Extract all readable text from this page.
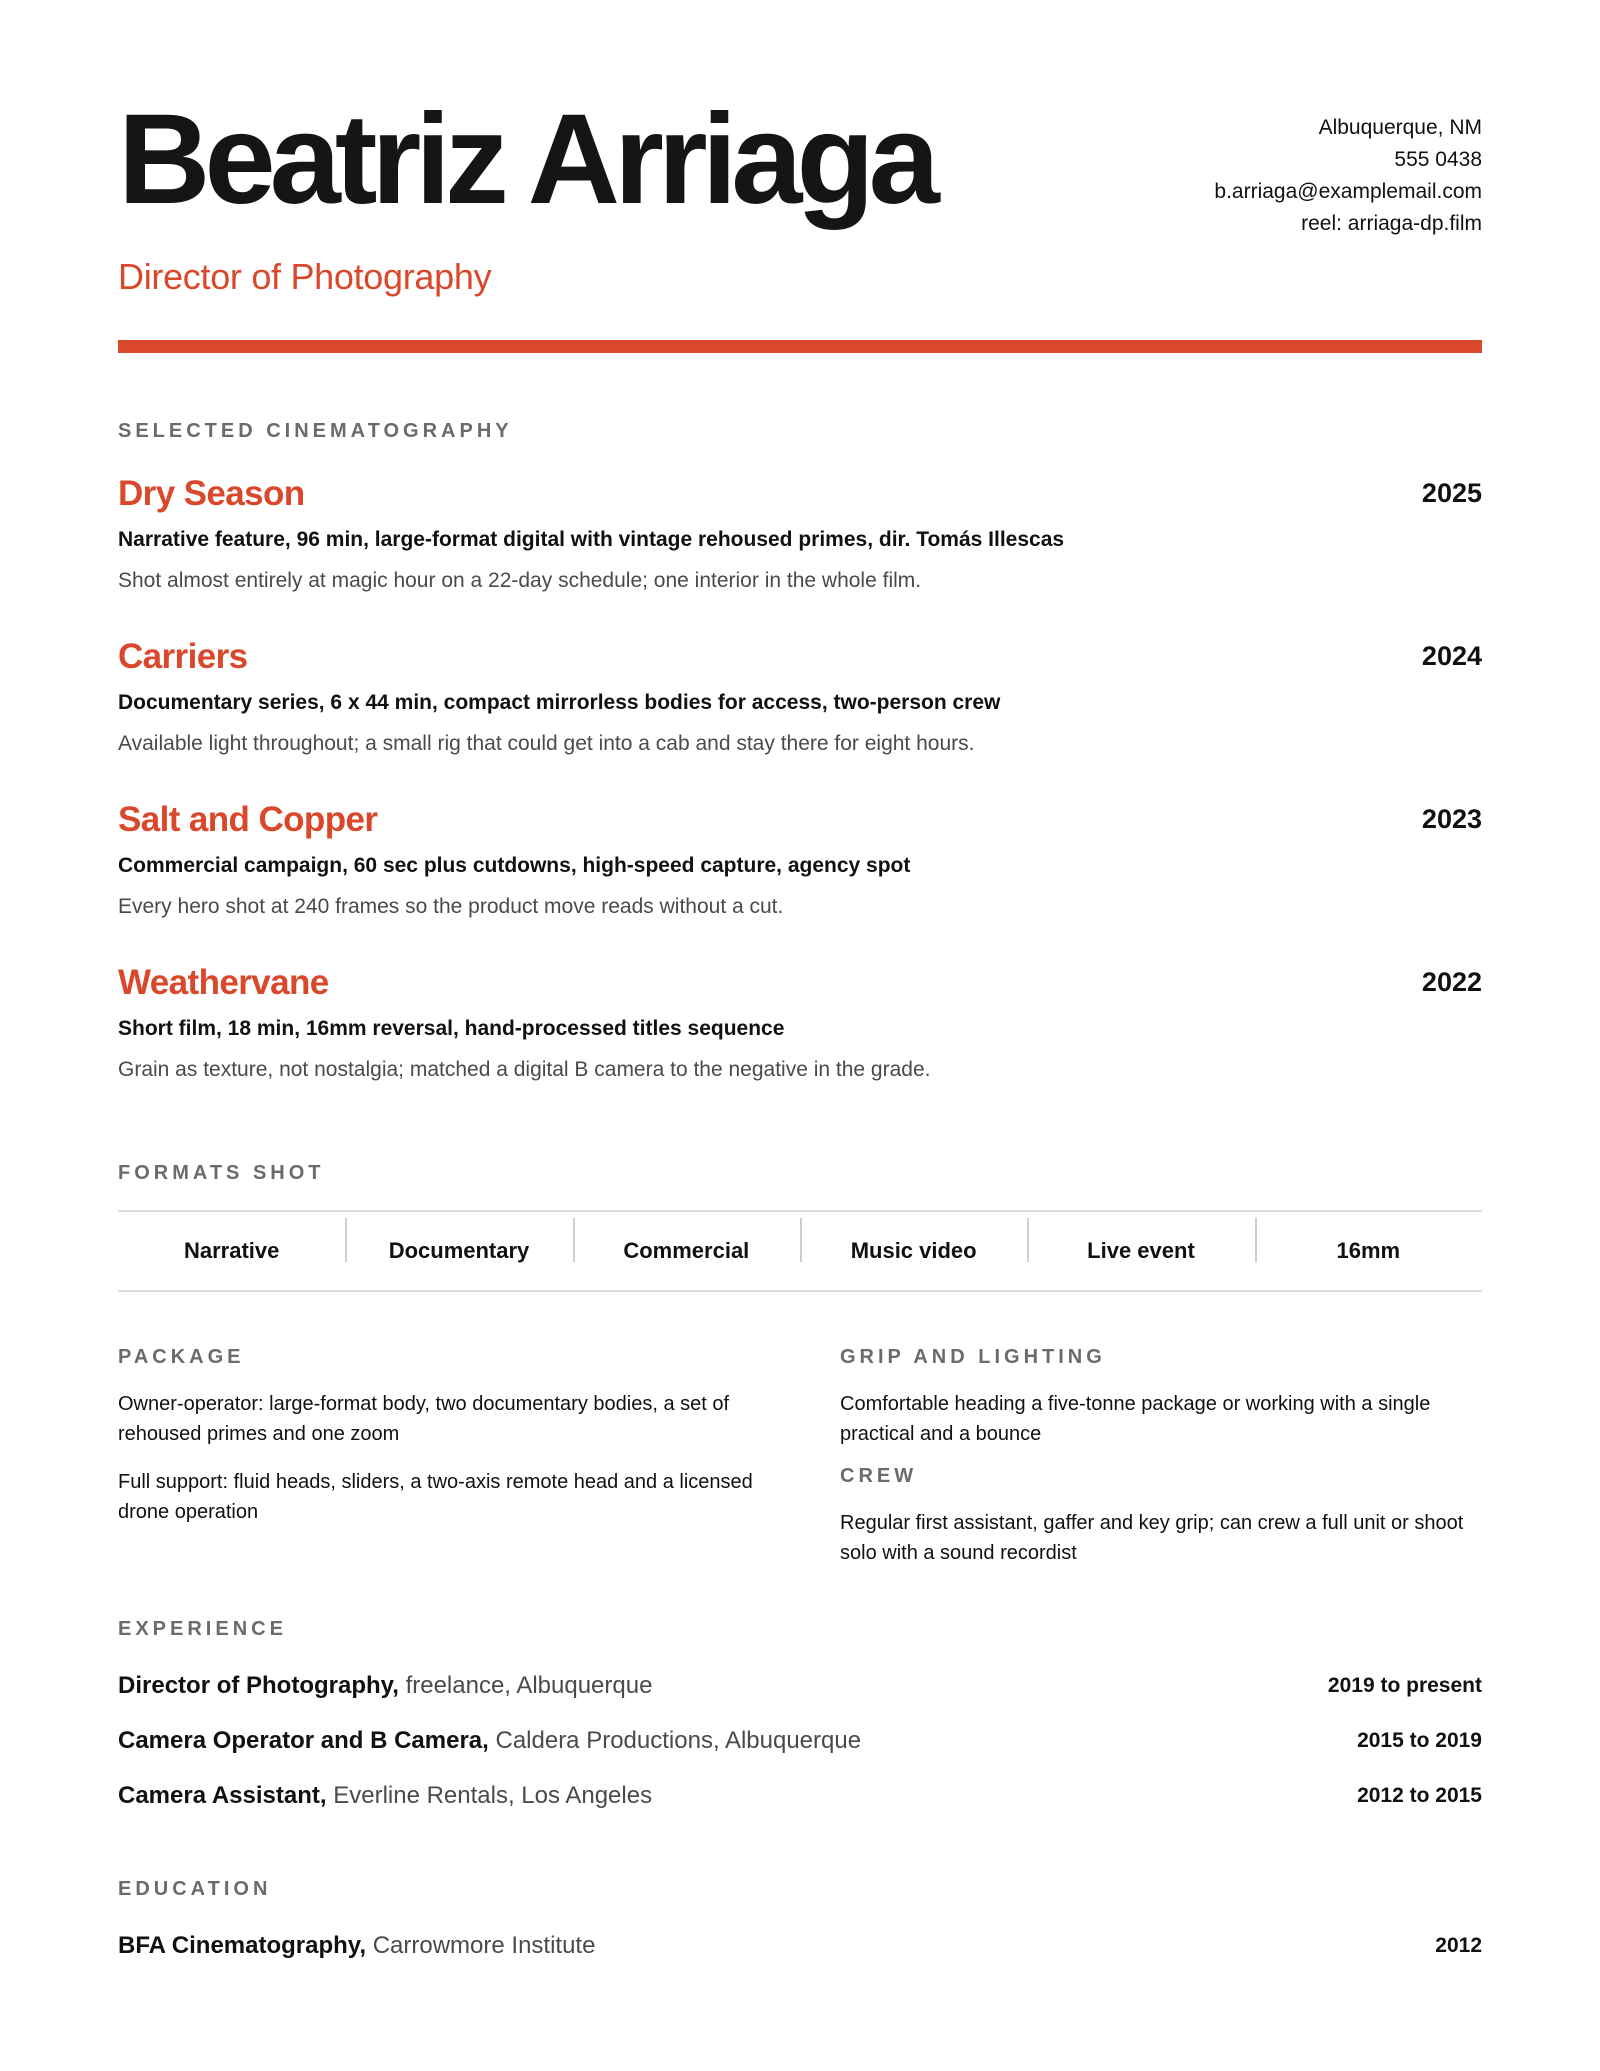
Beatriz Arriaga
Director of Photography
Albuquerque, NM
555 0438
b.arriaga@examplemail.com
reel: arriaga-dp.film
SELECTED CINEMATOGRAPHY
Dry Season	2025
Narrative feature, 96 min, large-format digital with vintage rehoused primes, dir. Tomás Illescas
Shot almost entirely at magic hour on a 22-day schedule; one interior in the whole film.
Carriers	2024
Documentary series, 6 x 44 min, compact mirrorless bodies for access, two-person crew
Available light throughout; a small rig that could get into a cab and stay there for eight hours.
Salt and Copper	2023
Commercial campaign, 60 sec plus cutdowns, high-speed capture, agency spot
Every hero shot at 240 frames so the product move reads without a cut.
Weathervane	2022
Short film, 18 min, 16mm reversal, hand-processed titles sequence
Grain as texture, not nostalgia; matched a digital B camera to the negative in the grade.
FORMATS SHOT
Narrative	Documentary	Commercial	Music video	Live event	16mm
PACKAGE

Owner-operator: large-format body, two documentary bodies, a set of rehoused primes and one zoom

Full support: fluid heads, sliders, a two-axis remote head and a licensed drone operation

GRIP AND LIGHTING

Comfortable heading a five-tonne package or working with a single practical and a bounce

CREW

Regular first assistant, gaffer and key grip; can crew a full unit or shoot solo with a sound recordist

EXPERIENCE
Director of Photography, freelance, Albuquerque	2019 to present
Camera Operator and B Camera, Caldera Productions, Albuquerque	2015 to 2019
Camera Assistant, Everline Rentals, Los Angeles	2012 to 2015
EDUCATION
BFA Cinematography, Carrowmore Institute	2012
